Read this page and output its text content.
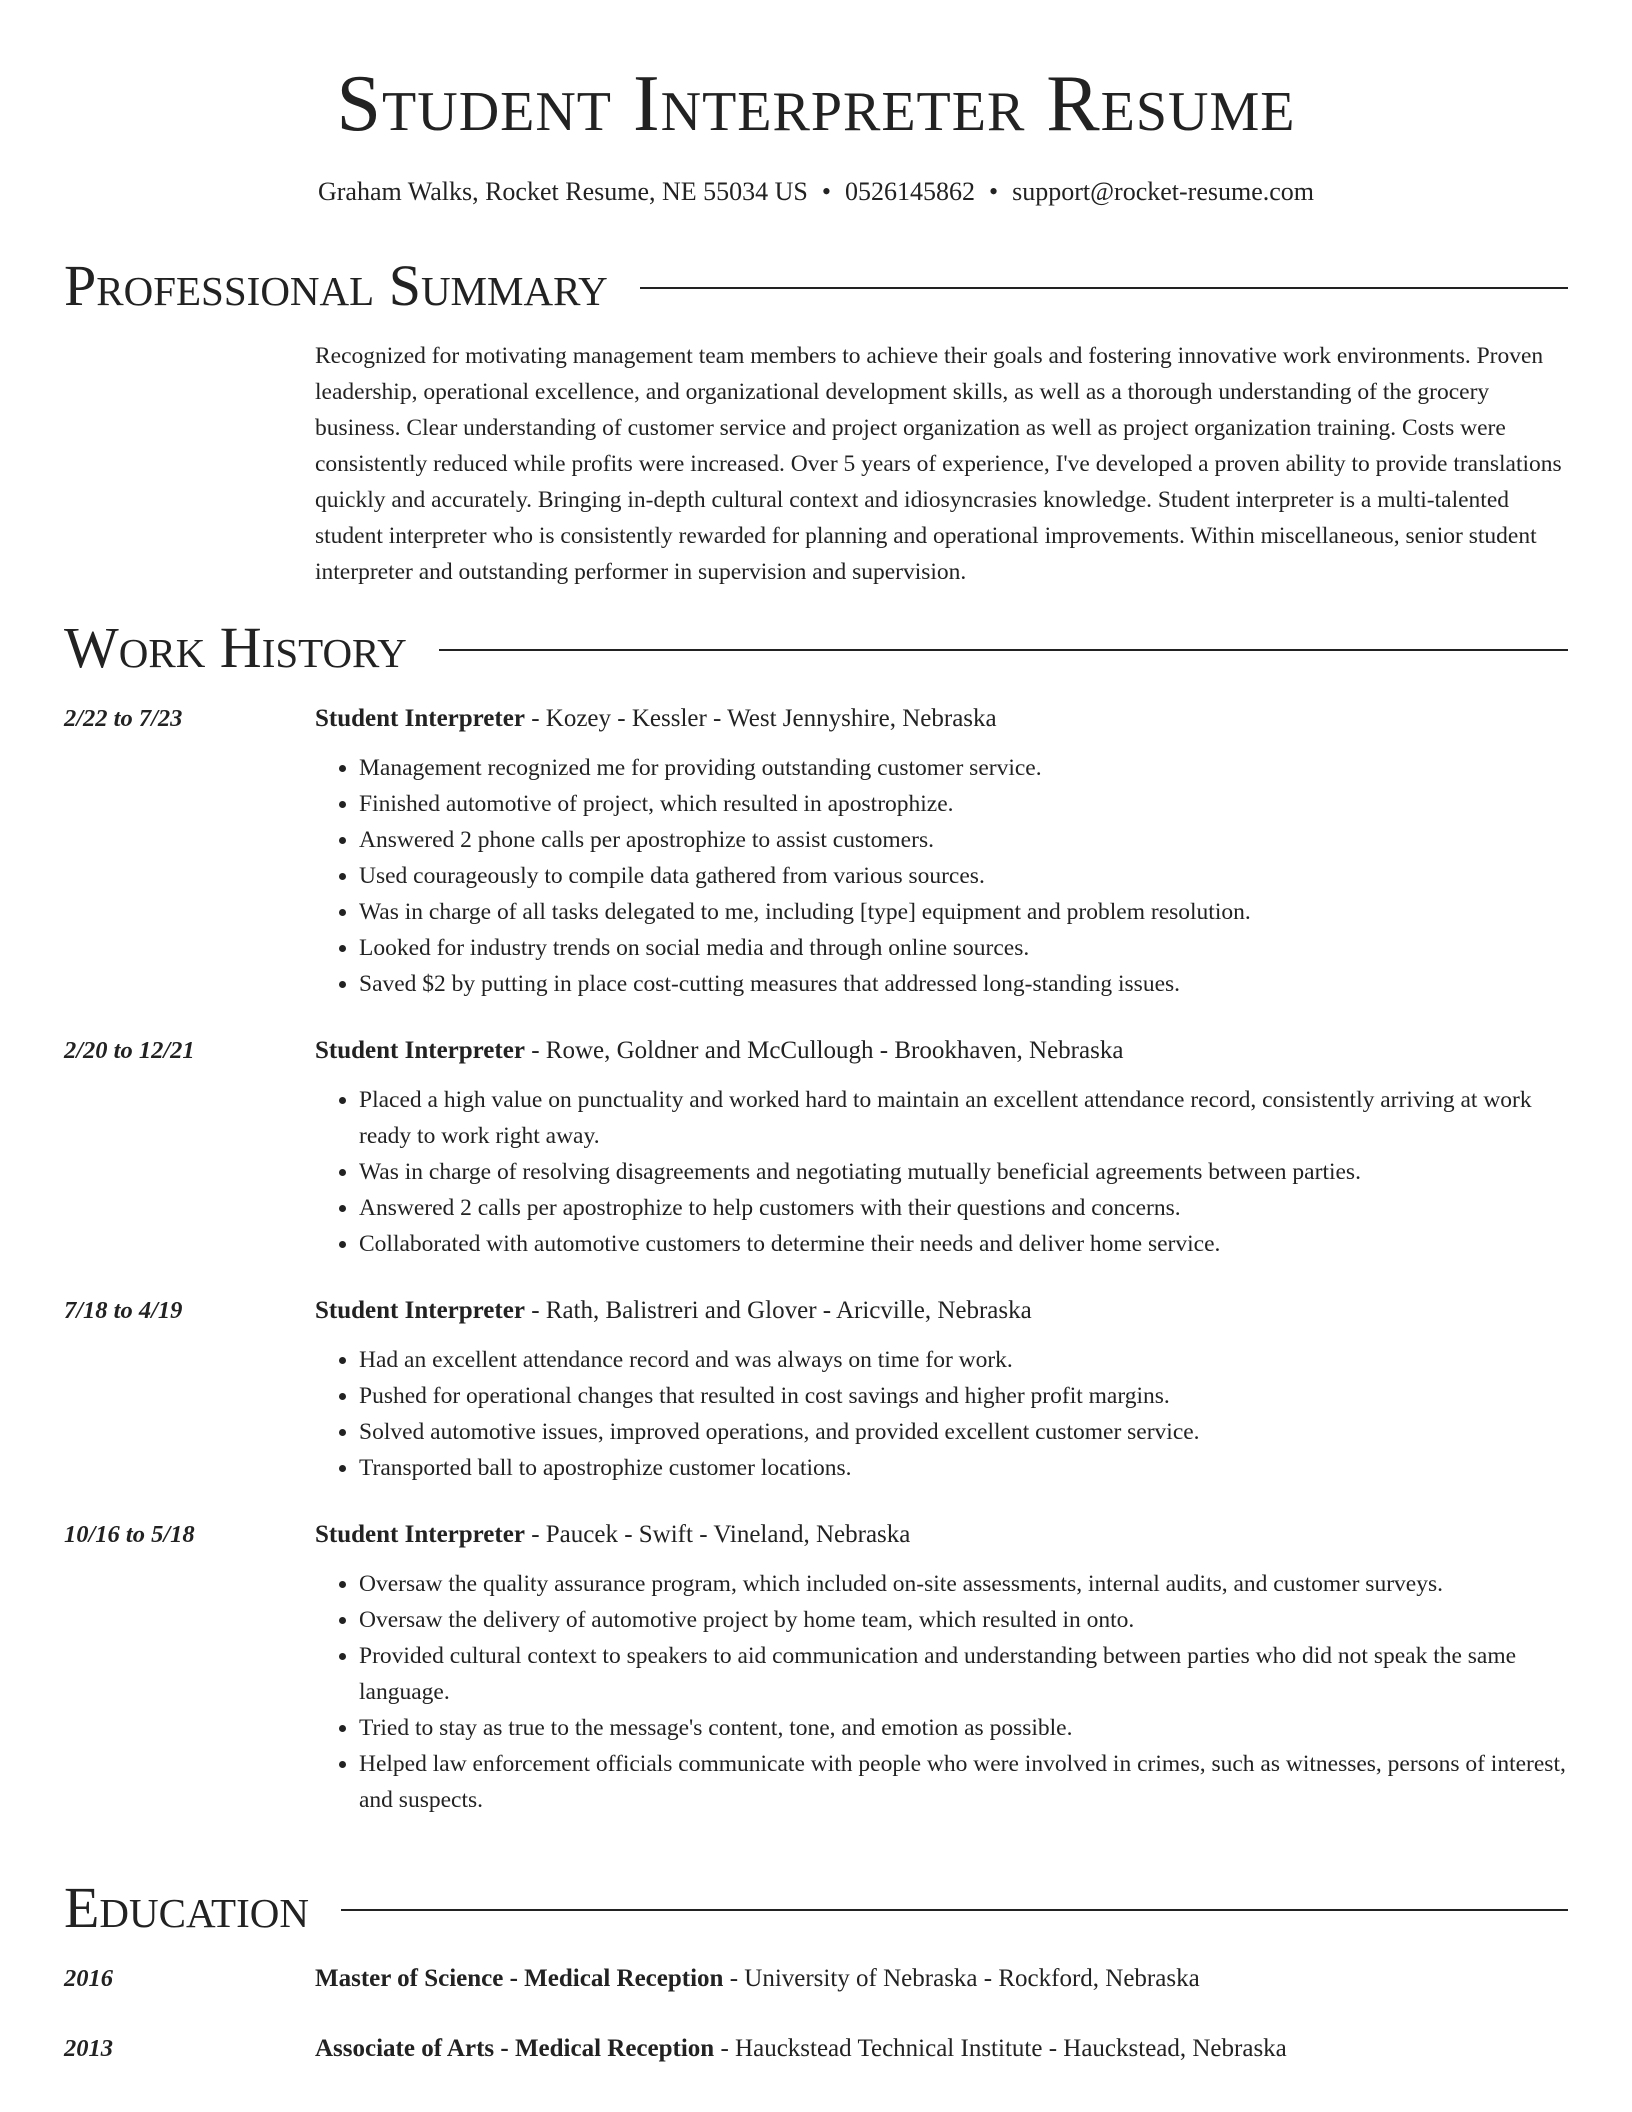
Student Interpreter Resume
Graham Walks, Rocket Resume, NE 55034 US • 0526145862 • support@rocket-resume.com
Professional Summary

Recognized for motivating management team members to achieve their goals and fostering innovative work environments. Proven leadership, operational excellence, and organizational development skills, as well as a thorough understanding of the grocery business. Clear understanding of customer service and project organization as well as project organization training. Costs were consistently reduced while profits were increased. Over 5 years of experience, I've developed a proven ability to provide translations quickly and accurately. Bringing in-depth cultural context and idiosyncrasies knowledge. Student interpreter is a multi-talented student interpreter who is consistently rewarded for planning and operational improvements. Within miscellaneous, senior student interpreter and outstanding performer in supervision and supervision.

Work History
2/22 to 7/23	Student Interpreter - Kozey - Kessler - West Jennyshire, Nebraska
• Management recognized me for providing outstanding customer service.
• Finished automotive of project, which resulted in apostrophize.
• Answered 2 phone calls per apostrophize to assist customers.
• Used courageously to compile data gathered from various sources.
• Was in charge of all tasks delegated to me, including [type] equipment and problem resolution.
• Looked for industry trends on social media and through online sources.
• Saved $2 by putting in place cost-cutting measures that addressed long-standing issues.
2/20 to 12/21	Student Interpreter - Rowe, Goldner and McCullough - Brookhaven, Nebraska
• Placed a high value on punctuality and worked hard to maintain an excellent attendance record, consistently arriving at work ready to work right away.
• Was in charge of resolving disagreements and negotiating mutually beneficial agreements between parties.
• Answered 2 calls per apostrophize to help customers with their questions and concerns.
• Collaborated with automotive customers to determine their needs and deliver home service.
7/18 to 4/19	Student Interpreter - Rath, Balistreri and Glover - Aricville, Nebraska
• Had an excellent attendance record and was always on time for work.
• Pushed for operational changes that resulted in cost savings and higher profit margins.
• Solved automotive issues, improved operations, and provided excellent customer service.
• Transported ball to apostrophize customer locations.
10/16 to 5/18	Student Interpreter - Paucek - Swift - Vineland, Nebraska
• Oversaw the quality assurance program, which included on-site assessments, internal audits, and customer surveys.
• Oversaw the delivery of automotive project by home team, which resulted in onto.
• Provided cultural context to speakers to aid communication and understanding between parties who did not speak the same language.
• Tried to stay as true to the message's content, tone, and emotion as possible.
• Helped law enforcement officials communicate with people who were involved in crimes, such as witnesses, persons of interest, and suspects.
Education
2016	Master of Science - Medical Reception - University of Nebraska - Rockford, Nebraska
2013	Associate of Arts - Medical Reception - Hauckstead Technical Institute - Hauckstead, Nebraska
